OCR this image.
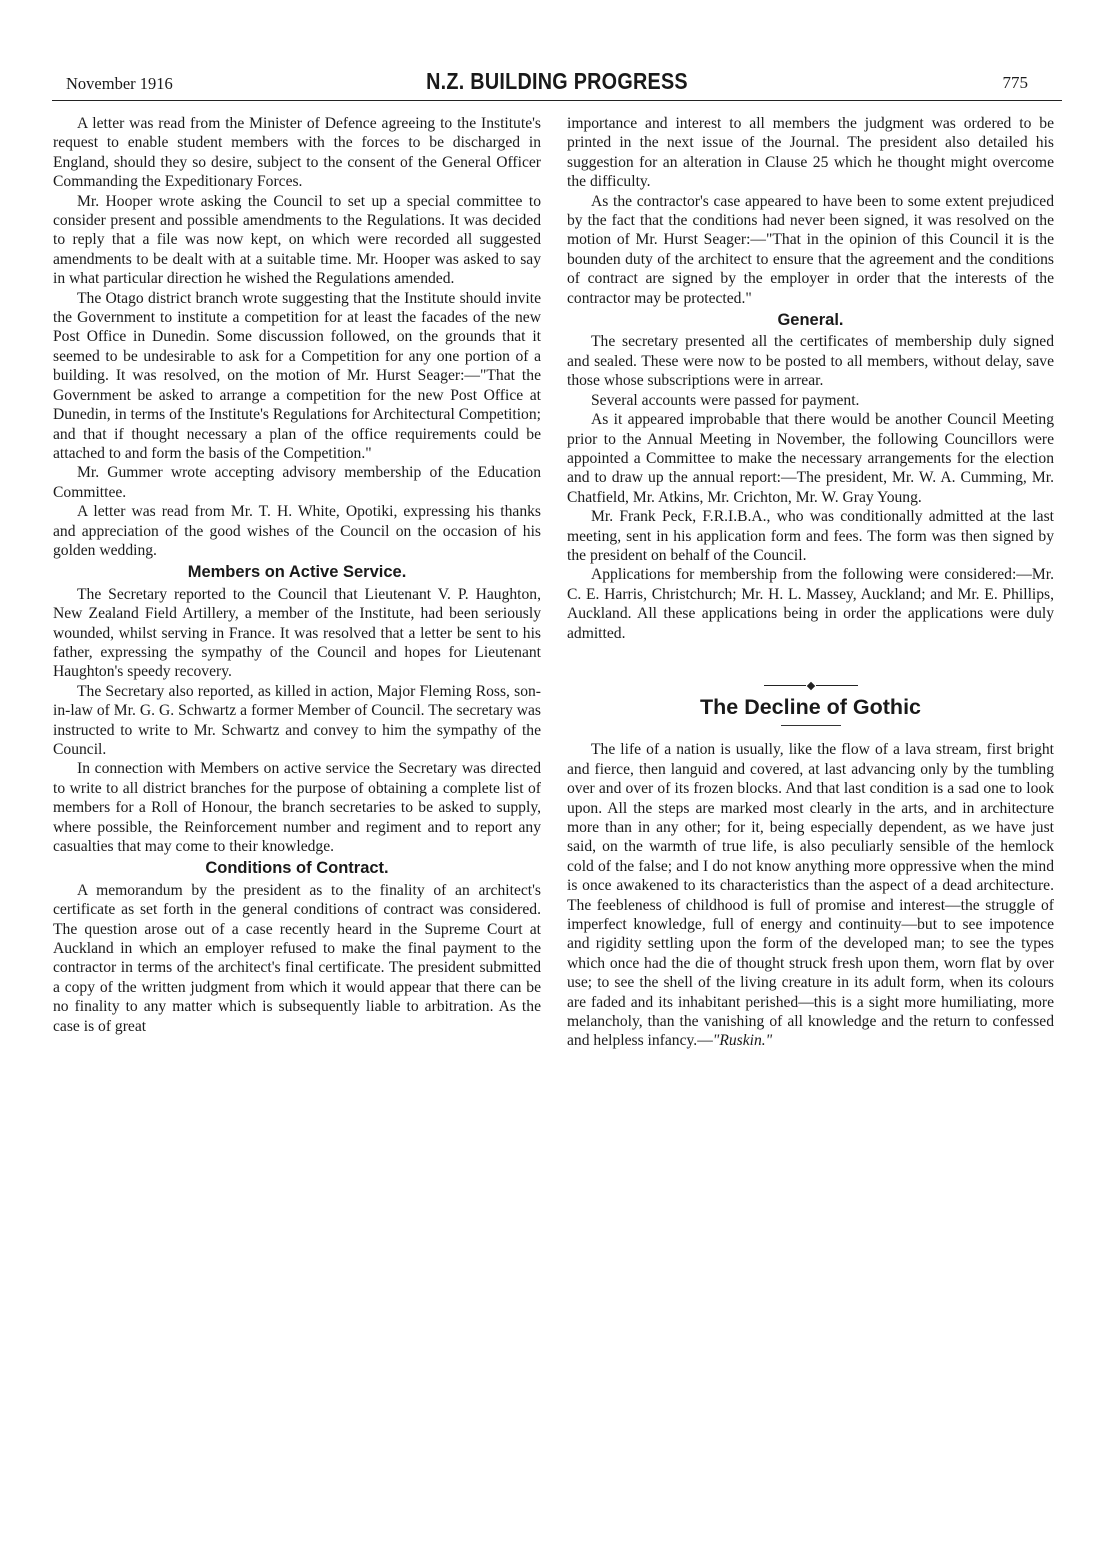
November 1916	N.Z. BUILDING PROGRESS	775

A letter was read from the Minister of Defence agreeing to the Institute's request to enable student members with the forces to be discharged in England, should they so desire, subject to the consent of the General Officer Commanding the Expeditionary Forces.

Mr. Hooper wrote asking the Council to set up a special committee to consider present and possible amendments to the Regulations. It was decided to reply that a file was now kept, on which were recorded all suggested amendments to be dealt with at a suitable time. Mr. Hooper was asked to say in what particular direction he wished the Regulations amended.

The Otago district branch wrote suggesting that the Institute should invite the Government to institute a competition for at least the facades of the new Post Office in Dunedin. Some discussion followed, on the grounds that it seemed to be undesirable to ask for a Competition for any one portion of a building. It was resolved, on the motion of Mr. Hurst Seager:—"That the Government be asked to arrange a competition for the new Post Office at Dunedin, in terms of the Institute's Regulations for Architectural Competition; and that if thought necessary a plan of the office requirements could be attached to and form the basis of the Competition."

Mr. Gummer wrote accepting advisory membership of the Education Committee.

A letter was read from Mr. T. H. White, Opotiki, expressing his thanks and appreciation of the good wishes of the Council on the occasion of his golden wedding.

Members on Active Service.

The Secretary reported to the Council that Lieutenant V. P. Haughton, New Zealand Field Artillery, a member of the Institute, had been seriously wounded, whilst serving in France. It was resolved that a letter be sent to his father, expressing the sympathy of the Council and hopes for Lieutenant Haughton's speedy recovery.

The Secretary also reported, as killed in action, Major Fleming Ross, son-in-law of Mr. G. G. Schwartz a former Member of Council. The secretary was instructed to write to Mr. Schwartz and convey to him the sympathy of the Council.

In connection with Members on active service the Secretary was directed to write to all district branches for the purpose of obtaining a complete list of members for a Roll of Honour, the branch secretaries to be asked to supply, where possible, the Reinforcement number and regiment and to report any casualties that may come to their knowledge.

Conditions of Contract.

A memorandum by the president as to the finality of an architect's certificate as set forth in the general conditions of contract was considered. The question arose out of a case recently heard in the Supreme Court at Auckland in which an employer refused to make the final payment to the contractor in terms of the architect's final certificate. The president submitted a copy of the written judgment from which it would appear that there can be no finality to any matter which is subsequently liable to arbitration. As the case is of great

importance and interest to all members the judgment was ordered to be printed in the next issue of the Journal. The president also detailed his suggestion for an alteration in Clause 25 which he thought might overcome the difficulty.

As the contractor's case appeared to have been to some extent prejudiced by the fact that the conditions had never been signed, it was resolved on the motion of Mr. Hurst Seager:—"That in the opinion of this Council it is the bounden duty of the architect to ensure that the agreement and the conditions of contract are signed by the employer in order that the interests of the contractor may be protected."

General.

The secretary presented all the certificates of membership duly signed and sealed. These were now to be posted to all members, without delay, save those whose subscriptions were in arrear.

Several accounts were passed for payment.

As it appeared improbable that there would be another Council Meeting prior to the Annual Meeting in November, the following Councillors were appointed a Committee to make the necessary arrangements for the election and to draw up the annual report:—The president, Mr. W. A. Cumming, Mr. Chatfield, Mr. Atkins, Mr. Crichton, Mr. W. Gray Young.

Mr. Frank Peck, F.R.I.B.A., who was conditionally admitted at the last meeting, sent in his application form and fees. The form was then signed by the president on behalf of the Council.

Applications for membership from the following were considered:—Mr. C. E. Harris, Christchurch; Mr. H. L. Massey, Auckland; and Mr. E. Phillips, Auckland. All these applications being in order the applications were duly admitted.

The Decline of Gothic

The life of a nation is usually, like the flow of a lava stream, first bright and fierce, then languid and covered, at last advancing only by the tumbling over and over of its frozen blocks. And that last condition is a sad one to look upon. All the steps are marked most clearly in the arts, and in architecture more than in any other; for it, being especially dependent, as we have just said, on the warmth of true life, is also peculiarly sensible of the hemlock cold of the false; and I do not know anything more oppressive when the mind is once awakened to its characteristics than the aspect of a dead architecture. The feebleness of childhood is full of promise and interest—the struggle of imperfect knowledge, full of energy and continuity—but to see impotence and rigidity settling upon the form of the developed man; to see the types which once had the die of thought struck fresh upon them, worn flat by over use; to see the shell of the living creature in its adult form, when its colours are faded and its inhabitant perished—this is a sight more humiliating, more melancholy, than the vanishing of all knowledge and the return to confessed and helpless infancy.—"Ruskin."
